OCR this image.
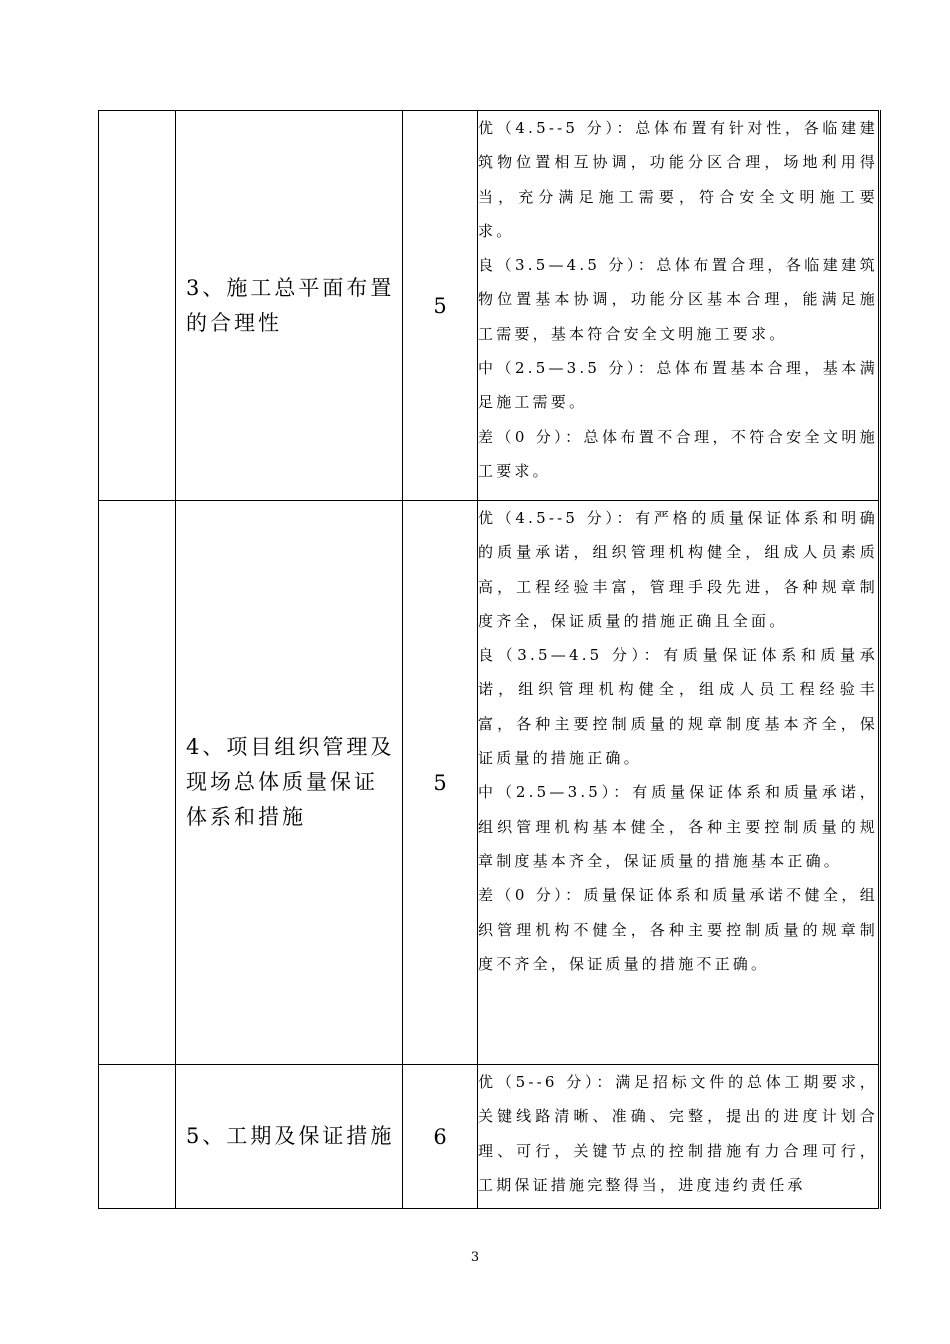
	3、施工总平面布置的合理性	5	优（4.5--5 分）：总体布置有针对性，各临建建筑物位置相互协调，功能分区合理，场地利用得当，充分满足施工需要，符合安全文明施工要求。

良（3.5—4.5 分）：总体布置合理，各临建建筑物位置基本协调，功能分区基本合理，能满足施工需要，基本符合安全文明施工要求。

中（2.5—3.5 分）：总体布置基本合理，基本满足施工需要。

差（0 分）：总体布置不合理，不符合安全文明施工要求。

	4、项目组织管理及现场总体质量保证体系和措施	5	优（4.5--5 分）：有严格的质量保证体系和明确的质量承诺，组织管理机构健全，组成人员素质高，工程经验丰富，管理手段先进，各种规章制度齐全，保证质量的措施正确且全面。

良（3.5—4.5 分）：有质量保证体系和质量承诺，组织管理机构健全，组成人员工程经验丰富，各种主要控制质量的规章制度基本齐全，保证质量的措施正确。

中（2.5—3.5）：有质量保证体系和质量承诺，组织管理机构基本健全，各种主要控制质量的规章制度基本齐全，保证质量的措施基本正确。

差（0 分）：质量保证体系和质量承诺不健全，组织管理机构不健全，各种主要控制质量的规章制度不齐全，保证质量的措施不正确。

	5、工期及保证措施	6	优（5--6 分）：满足招标文件的总体工期要求，关键线路清晰、准确、完整，提出的进度计划合理、可行，关键节点的控制措施有力合理可行，工期保证措施完整得当，进度违约责任承

3
